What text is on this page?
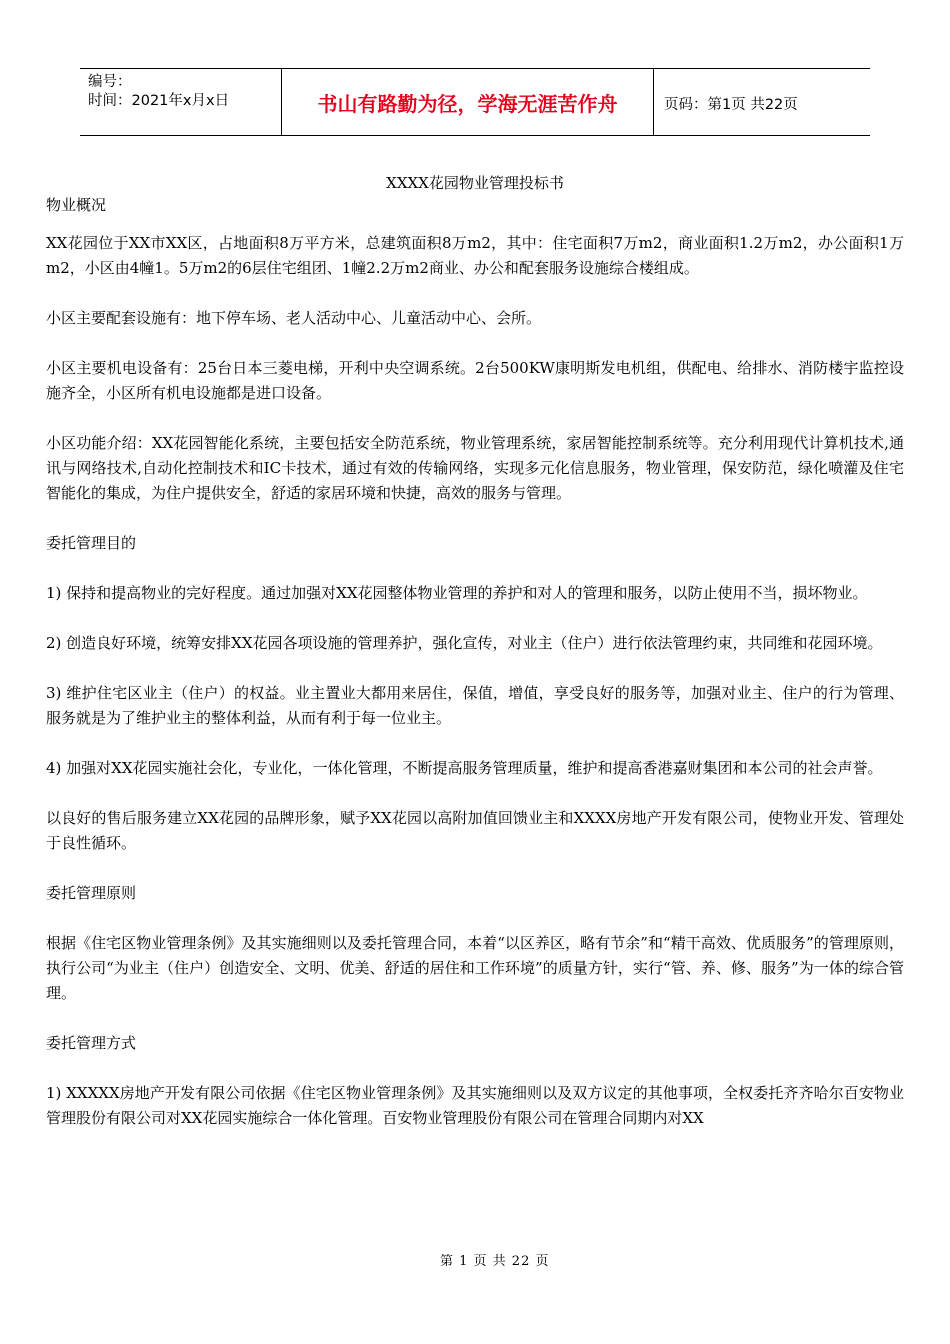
编号：
时间：2021年x月x日	书山有路勤为径，学海无涯苦作舟	页码：第1页 共22页
XXXX花园物业管理投标书

物业概况

XX花园位于XX市XX区，占地面积8万平方米，总建筑面积8万m2，其中：住宅面积7万m2，商业面积1.2万m2，办公面积1万m2，小区由4幢1。5万m2的6层住宅组团、1幢2.2万m2商业、办公和配套服务设施综合楼组成。

小区主要配套设施有：地下停车场、老人活动中心、儿童活动中心、会所。

小区主要机电设备有：25台日本三菱电梯，开利中央空调系统。2台500KW康明斯发电机组，供配电、给排水、消防楼宇监控设施齐全，小区所有机电设施都是进口设备。

小区功能介绍：XX花园智能化系统，主要包括安全防范系统，物业管理系统，家居智能控制系统等。充分利用现代计算机技术,通讯与网络技术,自动化控制技术和IC卡技术，通过有效的传输网络，实现多元化信息服务，物业管理，保安防范，绿化喷灌及住宅智能化的集成，为住户提供安全，舒适的家居环境和快捷，高效的服务与管理。

委托管理目的

1) 保持和提高物业的完好程度。通过加强对XX花园整体物业管理的养护和对人的管理和服务，以防止使用不当，损坏物业。

2) 创造良好环境，统筹安排XX花园各项设施的管理养护，强化宣传，对业主（住户）进行依法管理约束，共同维和花园环境。

3) 维护住宅区业主（住户）的权益。业主置业大都用来居住，保值，增值，享受良好的服务等，加强对业主、住户的行为管理、服务就是为了维护业主的整体利益，从而有利于每一位业主。

4) 加强对XX花园实施社会化，专业化，一体化管理，不断提高服务管理质量，维护和提高香港嘉财集团和本公司的社会声誉。

以良好的售后服务建立XX花园的品牌形象，赋予XX花园以高附加值回馈业主和XXXX房地产开发有限公司，使物业开发、管理处于良性循环。

委托管理原则

根据《住宅区物业管理条例》及其实施细则以及委托管理合同，本着“以区养区，略有节余”和“精干高效、优质服务”的管理原则，执行公司“为业主（住户）创造安全、文明、优美、舒适的居住和工作环境”的质量方针，实行“管、养、修、服务”为一体的综合管理。

委托管理方式

1) XXXXX房地产开发有限公司依据《住宅区物业管理条例》及其实施细则以及双方议定的其他事项，全权委托齐齐哈尔百安物业管理股份有限公司对XX花园实施综合一体化管理。百安物业管理股份有限公司在管理合同期内对XX

第 1 页 共 22 页
